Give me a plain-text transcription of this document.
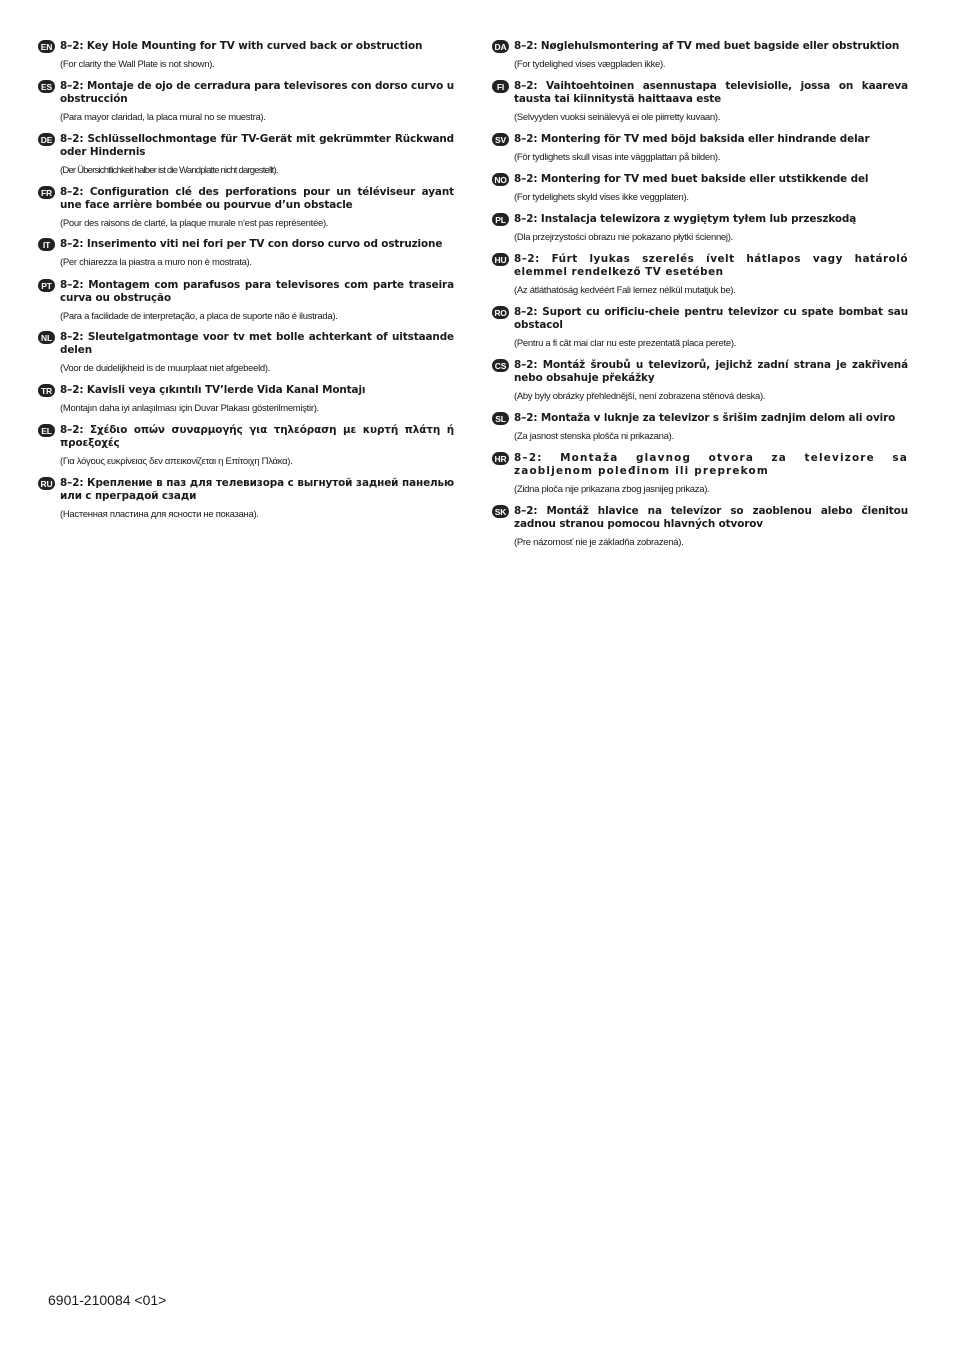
EN 8–2: Key Hole Mounting for TV with curved back or obstruction
(For clarity the Wall Plate is not shown).
ES 8–2: Montaje de ojo de cerradura para televisores con dorso curvo u obstrucción
(Para mayor claridad, la placa mural no se muestra).
DE 8–2: Schlüssellochmontage für TV-Gerät mit gekrümmter Rückwand oder Hindernis
(Der Übersichtlichkeit halber ist die Wandplatte nicht dargestellt).
FR 8–2: Configuration clé des perforations pour un téléviseur ayant une face arrière bombée ou pourvue d’un obstacle
(Pour des raisons de clarté, la plaque murale n’est pas représentée).
IT 8–2: Inserimento viti nei fori per TV con dorso curvo od ostruzione
(Per chiarezza la piastra a muro non è mostrata).
PT 8–2: Montagem com parafusos para televisores com parte traseira curva ou obstrução
(Para a facilidade de interpretação, a placa de suporte não é ilustrada).
NL 8–2: Sleutelgatmontage voor tv met bolle achterkant of uitstaande delen
(Voor de duidelijkheid is de muurplaat niet afgebeeld).
TR 8–2: Kavisli veya çıkıntılı TV’lerde Vida Kanal Montajı
(Montajın daha iyi anlaşılması için Duvar Plakası gösterilmemiştir).
EL 8–2: Σχέδιο οπών συναρμογής για τηλεόραση με κυρτή πλάτη ή προεξοχές
(Για λόγους ευκρίνειας δεν απεικονίζεται η Επίτοιχη Πλάκα).
RU 8–2: Крепление в паз для телевизора с выгнутой задней панелью или с преградой сзади
(Настенная пластина для ясности не показана).
DA 8–2: Nøglehulsmontering af TV med buet bagside eller obstruktion
(For tydelighed vises vægpladen ikke).
FI 8–2: Vaihtoehtoinen asennustapa televisiolle, jossa on kaareva tausta tai kiinnitystä haittaava este
(Selvyyden vuoksi seinälevyä ei ole piirretty kuvaan).
SV 8–2: Montering för TV med böjd baksida eller hindrande delar
(För tydlighets skull visas inte väggplattan på bilden).
NO 8–2: Montering for TV med buet bakside eller utstikkende del
(For tydelighets skyld vises ikke veggplaten).
PL 8–2: Instalacja telewizora z wygiętym tyłem lub przeszkodą
(Dla przejrzystości obrazu nie pokazano płytki ściennej).
HU 8–2: Fúrt lyukas szerelés ívelt hátlapos vagy határoló elemmel rendelkező TV esetében
(Az átláthatóság kedvéért Fali lemez nélkül mutatjuk be).
RO 8–2: Suport cu orificiu-cheie pentru televizor cu spate bombat sau obstacol
(Pentru a fi cât mai clar nu este prezentată placa perete).
CS 8–2: Montáž šroubů u televizorů, jejichž zadní strana je zakřivená nebo obsahuje překážky
(Aby byly obrázky přehlednější, není zobrazena stěnová deska).
SL 8–2: Montaža v luknje za televizor s šrišim zadnjim delom ali oviro
(Za jasnost stenska plošča ni prikazana).
HR 8–2: Montaža glavnog otvora za televizore sa zaobljenom poleđinom ili preprekom
(Zidna ploča nije prikazana zbog jasnijeg prikaza).
SK 8–2: Montáž hlavice na televízor so zaoblenou alebo členitou zadnou stranou pomocou hlavných otvorov
(Pre názornosť nie je základňa zobrazená).
6901-210084 <01>
